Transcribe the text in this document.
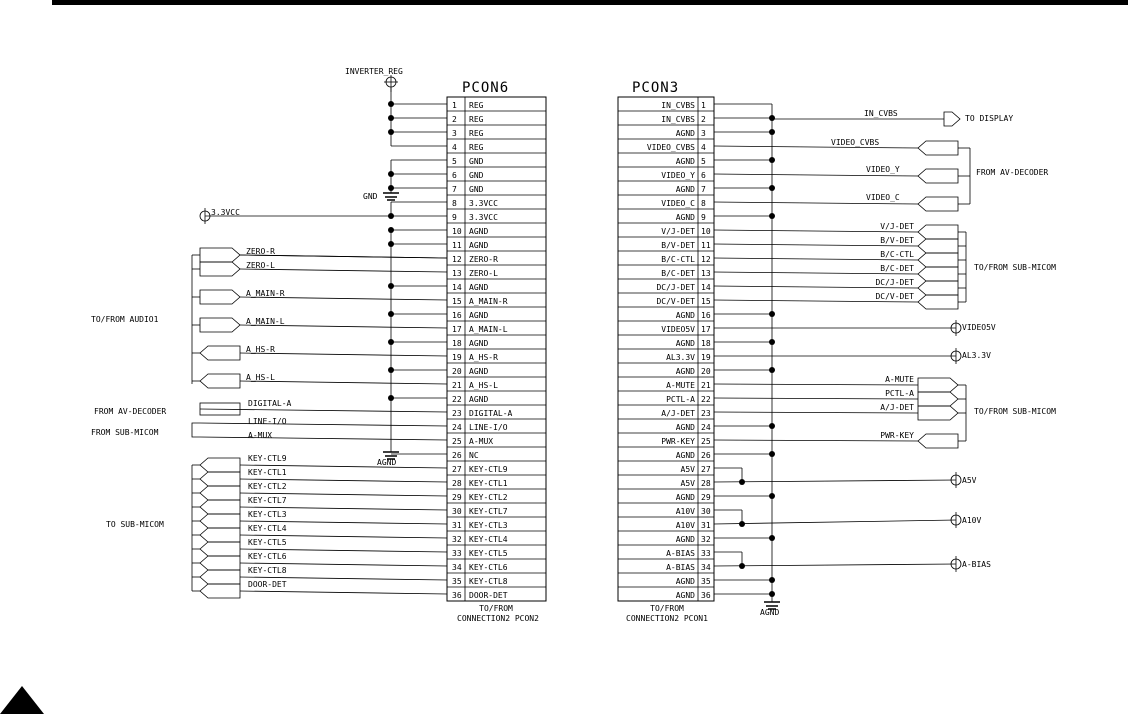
PCON6	PCON3
1 REG
2 REG
3 REG
4 REG
5 GND
6 GND
7 GND
8 3.3VCC
9 3.3VCC
10 AGND
11 AGND
12 ZERO-R
13 ZERO-L
14 AGND
15 A_MAIN-R
16 AGND
17 A_MAIN-L
18 AGND
19 A_HS-R
20 AGND
21 A_HS-L
22 AGND
23 DIGITAL-A
24 LINE-I/O
25 A-MUX
26 NC
27 KEY-CTL9
28 KEY-CTL1
29 KEY-CTL2
30 KEY-CTL7
31 KEY-CTL3
32 KEY-CTL4
33 KEY-CTL5
34 KEY-CTL6
35 KEY-CTL8
36 DOOR-DET
TO/FROM
CONNECTION2 PCON2
1
IN_CVBS
2
IN_CVBS
3
AGND
4
VIDEO_CVBS
5
AGND
6
VIDEO_Y
7
AGND
8
VIDEO_C
9
AGND
10
V/J-DET
11
B/V-DET
12
B/C-CTL
13
B/C-DET
14
DC/J-DET
15
DC/V-DET
16
AGND
17
VIDEO5V
18
AGND
19
AL3.3V
20
AGND
21
A-MUTE
22
PCTL-A
23
A/J-DET
24
AGND
25
PWR-KEY
26
AGND
27
A5V
28
A5V
29
AGND
30
A10V
31
A10V
32
AGND
33
A-BIAS
34
A-BIAS
35
AGND
36
AGND
TO/FROM
CONNECTION2 PCON1
INVERTER_REG
GND
3.3VCC
AGND
ZERO-R
ZERO-L
A_MAIN-R
A_MAIN-L
A_HS-R
A_HS-L
TO/FROM AUDIO1
DIGITAL-A
LINE-I/O
A-MUX
FROM AV-DECODER
FROM SUB-MICOM
TO SUB-MICOM
KEY-CTL9
KEY-CTL1
KEY-CTL2
KEY-CTL7
KEY-CTL3
KEY-CTL4
KEY-CTL5
KEY-CTL6
KEY-CTL8
DOOR-DET
IN_CVBS
TO DISPLAY
VIDEO_CVBS
VIDEO_Y
VIDEO_C
FROM AV-DECODER
V/J-DET
B/V-DET
B/C-CTL
B/C-DET
DC/J-DET
DC/V-DET
TO/FROM SUB-MICOM
VIDEO5V
AL3.3V
A-MUTE
PCTL-A
A/J-DET
PWR-KEY
TO/FROM SUB-MICOM
A5V
A10V
A-BIAS
AGND
